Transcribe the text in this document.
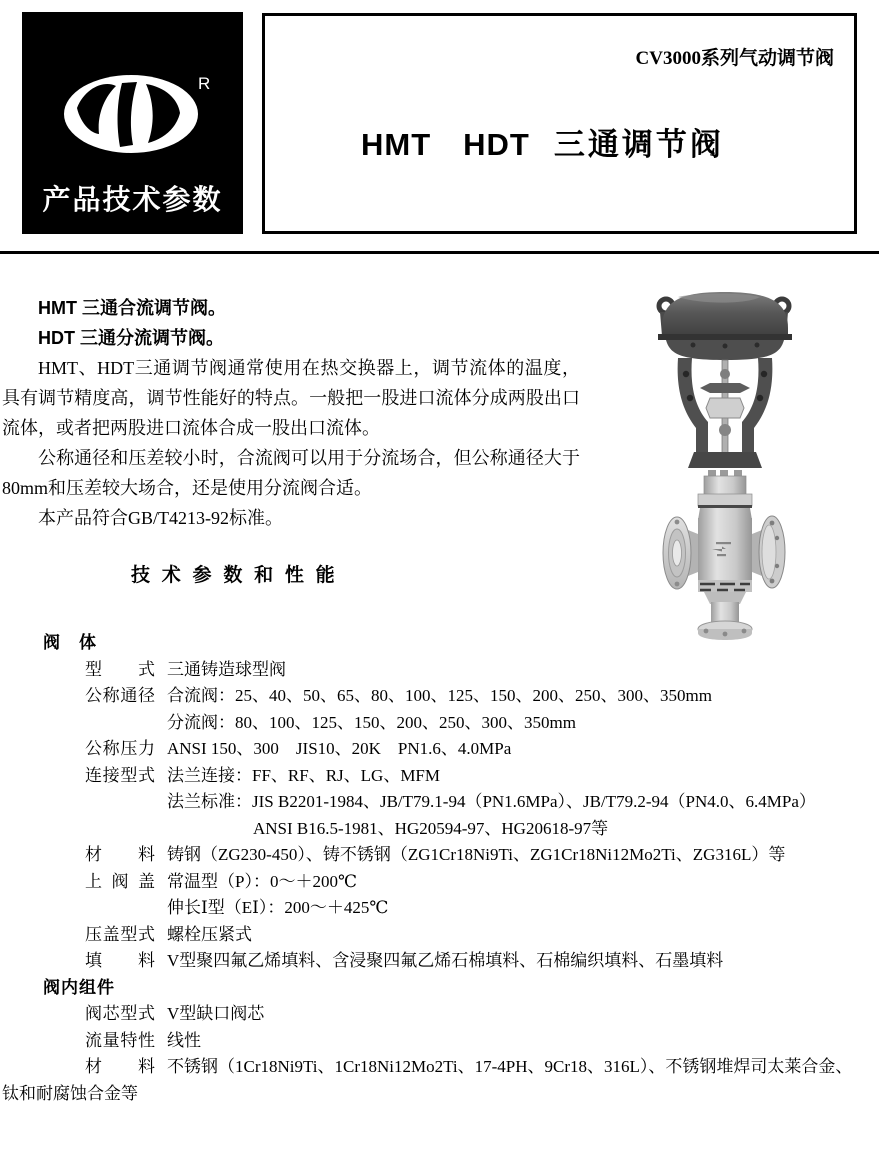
R
产品技术参数
CV3000系列气动调节阀
HMT　HDT 三通调节阀

HMT 三通合流调节阀。

HDT 三通分流调节阀。

HMT、HDT三通调节阀通常使用在热交换器上，调节流体的温度，具有调节精度高，调节性能好的特点。一般把一股进口流体分成两股出口流体，或者把两股进口流体合成一股出口流体。

公称通径和压差较小时，合流阀可以用于分流场合，但公称通径大于80mm和压差较大场合，还是使用分流阀合适。

本产品符合GB/T4213-92标准。

技术参数和性能
阀　体
型式 三通铸造球型阀
公称通径 合流阀：25、40、50、65、80、100、125、150、200、250、300、350mm
分流阀：80、100、125、150、200、250、300、350mm
公称压力 ANSI 150、300　JIS10、20K　PN1.6、4.0MPa
连接型式 法兰连接：FF、RF、RJ、LG、MFM
法兰标准：JIS B2201-1984、JB/T79.1-94（PN1.6MPa）、JB/T79.2-94（PN4.0、6.4MPa）
ANSI B16.5-1981、HG20594-97、HG20618-97等
材料 铸钢（ZG230-450）、铸不锈钢（ZG1Cr18Ni9Ti、ZG1Cr18Ni12Mo2Ti、ZG316L）等
上阀盖 常温型（P）：0～＋200℃
伸长Ⅰ型（EⅠ）：200～＋425℃
压盖型式 螺栓压紧式
填料 V型聚四氟乙烯填料、含浸聚四氟乙烯石棉填料、石棉编织填料、石墨填料
阀内组件
阀芯型式 V型缺口阀芯
流量特性 线性
材料 不锈钢（1Cr18Ni9Ti、1Cr18Ni12Mo2Ti、17-4PH、9Cr18、316L）、不锈钢堆焊司太莱合金、
钛和耐腐蚀合金等
